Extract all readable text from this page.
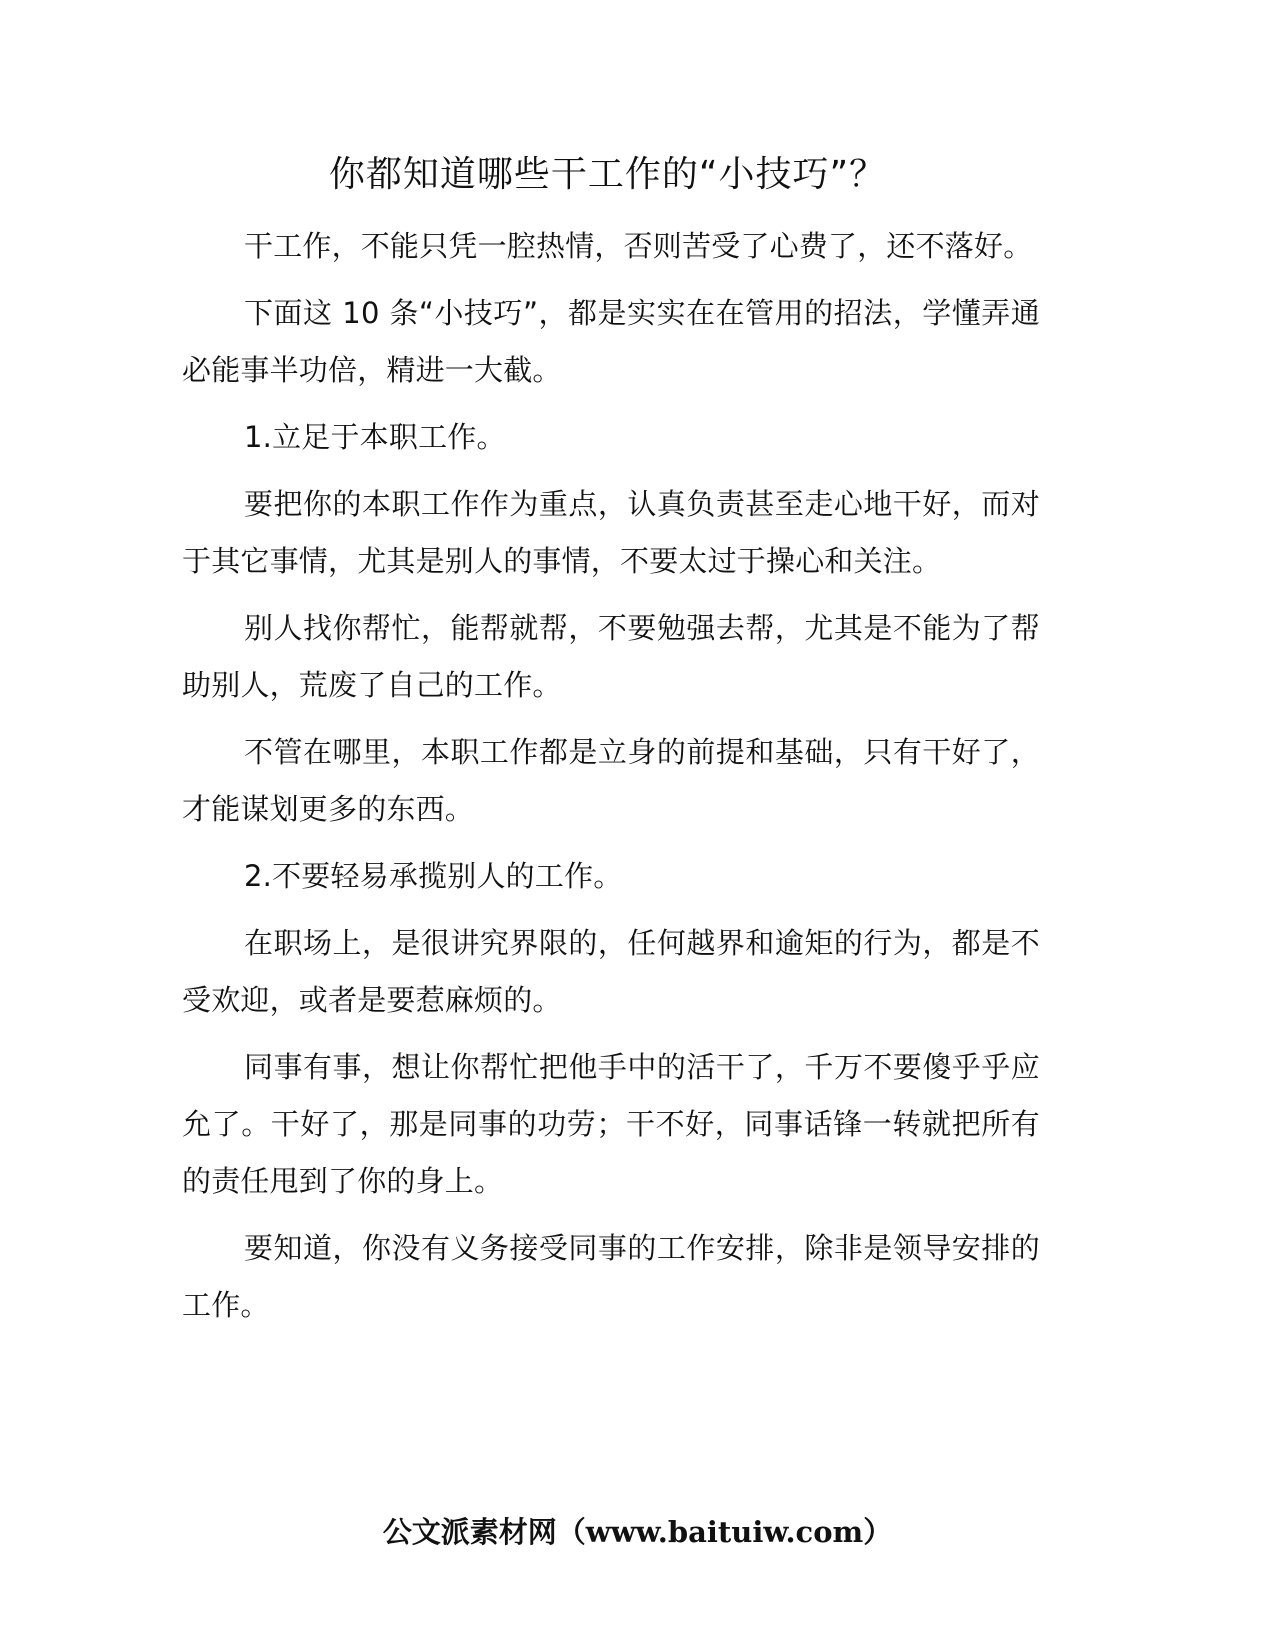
你都知道哪些干工作的“小技巧”？

干工作，不能只凭一腔热情，否则苦受了心费了，还不落好。

下面这 10 条“小技巧”，都是实实在在管用的招法，学懂弄通必能事半功倍，精进一大截。

1.立足于本职工作。

要把你的本职工作作为重点，认真负责甚至走心地干好，而对于其它事情，尤其是别人的事情，不要太过于操心和关注。

别人找你帮忙，能帮就帮，不要勉强去帮，尤其是不能为了帮助别人，荒废了自己的工作。

不管在哪里，本职工作都是立身的前提和基础，只有干好了，才能谋划更多的东西。

2.不要轻易承揽别人的工作。

在职场上，是很讲究界限的，任何越界和逾矩的行为，都是不受欢迎，或者是要惹麻烦的。

同事有事，想让你帮忙把他手中的活干了，千万不要傻乎乎应允了。干好了，那是同事的功劳；干不好，同事话锋一转就把所有的责任甩到了你的身上。

要知道，你没有义务接受同事的工作安排，除非是领导安排的工作。

公文派素材网（www.baituiw.com）
